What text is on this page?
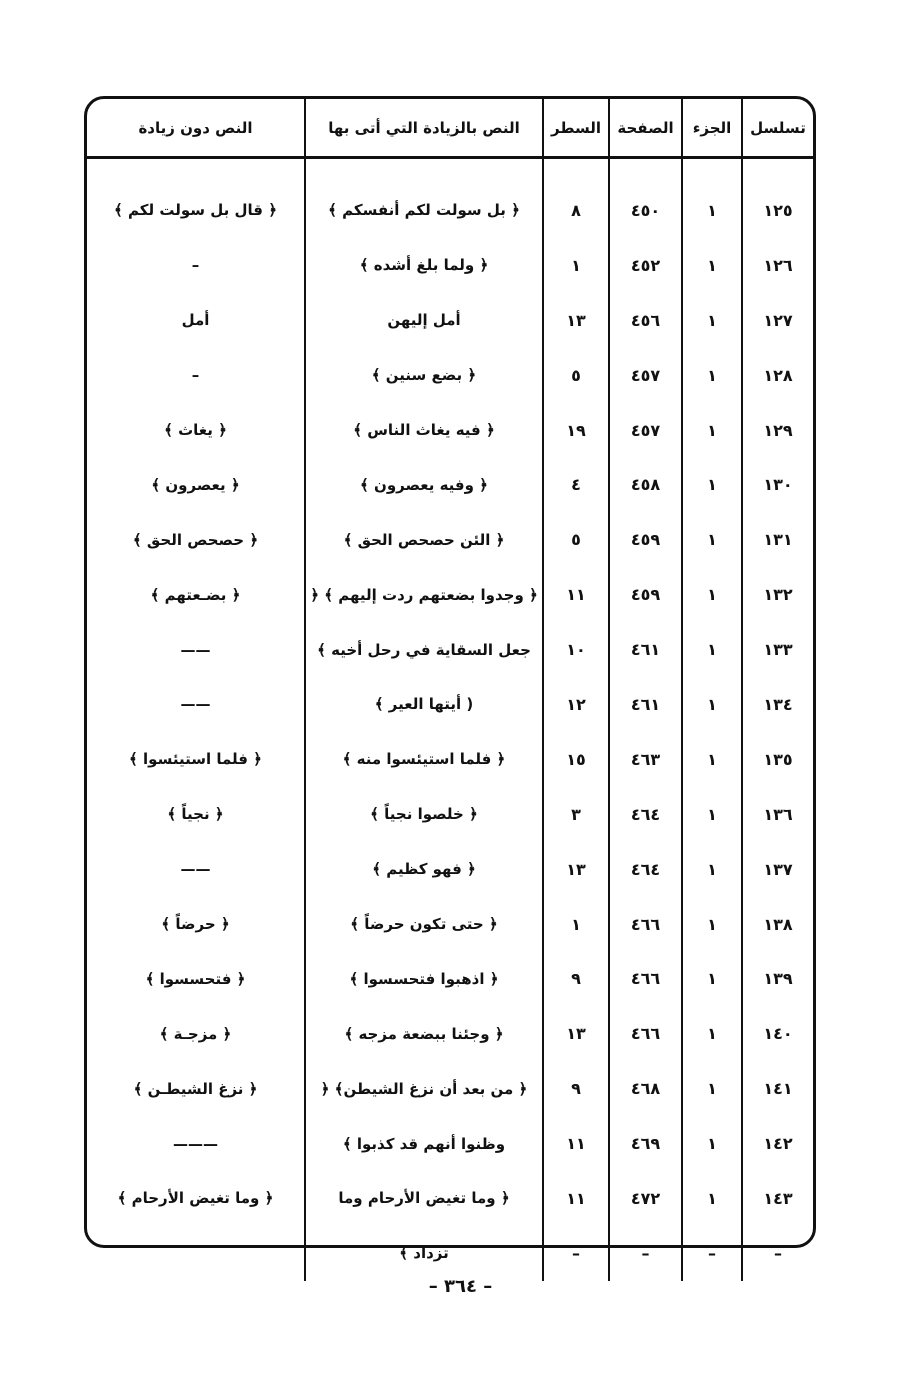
تسلسل	الجزء	الصفحة	السطر	النص بالزيادة التي أتى بها	النص دون زيادة
١٢٥	١	٤٥٠	٨	﴿ بل سولت لكم أنفسكم ﴾	﴿ قال بل سولت لكم ﴾
١٢٦	١	٤٥٢	١	﴿ ولما بلغ أشده ﴾	–
١٢٧	١	٤٥٦	١٣	أمل إليهن	أمل
١٢٨	١	٤٥٧	٥	﴿ بضع سنين ﴾	–
١٢٩	١	٤٥٧	١٩	﴿ فيه يغاث الناس ﴾	﴿ يغاث ﴾
١٣٠	١	٤٥٨	٤	﴿ وفيه يعصرون ﴾	﴿ يعصرون ﴾
١٣١	١	٤٥٩	٥	﴿ الئن حصحص الحق ﴾	﴿ حصحص الحق ﴾
١٣٢	١	٤٥٩	١١	﴿ وجدوا بضعتهم ردت إليهم ﴾ ﴿	﴿ بضـعتهم ﴾
١٣٣	١	٤٦١	١٠	جعل السقاية في رحل أخيه ﴾	——
١٣٤	١	٤٦١	١٢	( أيتها العير ﴾	——
١٣٥	١	٤٦٣	١٥	﴿ فلما استيئسوا منه ﴾	﴿ فلما استيئسوا ﴾
١٣٦	١	٤٦٤	٣	﴿ خلصوا نجياً ﴾	﴿ نجياً ﴾
١٣٧	١	٤٦٤	١٣	﴿ فهو كظيم ﴾	——
١٣٨	١	٤٦٦	١	﴿ حتى تكون حرضاً ﴾	﴿ حرضاً ﴾
١٣٩	١	٤٦٦	٩	﴿ اذهبوا فتحسسوا ﴾	﴿ فتحسسوا ﴾
١٤٠	١	٤٦٦	١٣	﴿ وجئنا ببضعة مزجه ﴾	﴿ مزجـة ﴾
١٤١	١	٤٦٨	٩	﴿ من بعد أن نزغ الشيطن﴾ ﴿	﴿ نزغ الشيطـن ﴾
١٤٢	١	٤٦٩	١١	وظنوا أنهم قد كذبوا ﴾	———
١٤٣	١	٤٧٢	١١	﴿ وما تغيض الأرحام وما	﴿ وما تغيض الأرحام ﴾
–	–	–	–	تزداد ﴾	
– ٣٦٤ –
